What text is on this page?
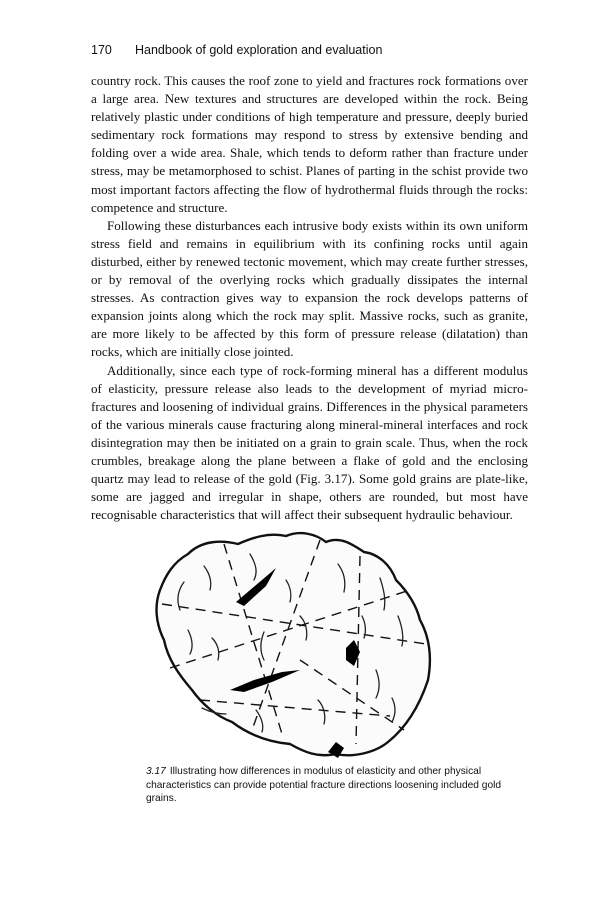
170 Handbook of gold exploration and evaluation

country rock. This causes the roof zone to yield and fractures rock formations over a large area. New textures and structures are developed within the rock. Being relatively plastic under conditions of high temperature and pressure, deeply buried sedimentary rock formations may respond to stress by extensive bending and folding over a wide area. Shale, which tends to deform rather than fracture under stress, may be metamorphosed to schist. Planes of parting in the schist provide two most important factors affecting the flow of hydrothermal fluids through the rocks: competence and structure.

Following these disturbances each intrusive body exists within its own uniform stress field and remains in equilibrium with its confining rocks until again disturbed, either by renewed tectonic movement, which may create further stresses, or by removal of the overlying rocks which gradually dissipates the internal stresses. As contraction gives way to expansion the rock develops patterns of expansion joints along which the rock may split. Massive rocks, such as granite, are more likely to be affected by this form of pressure release (dilatation) than rocks, which are initially close jointed.

Additionally, since each type of rock-forming mineral has a different modulus of elasticity, pressure release also leads to the development of myriad micro-fractures and loosening of individual grains. Differences in the physical parameters of the various minerals cause fracturing along mineral-mineral interfaces and rock disintegration may then be initiated on a grain to grain scale. Thus, when the rock crumbles, breakage along the plane between a flake of gold and the enclosing quartz may lead to release of the gold (Fig. 3.17). Some gold grains are plate-like, some are jagged and irregular in shape, others are rounded, but most have recognisable characteristics that will affect their subsequent hydraulic behaviour.

3.17 Illustrating how differences in modulus of elasticity and other physical characteristics can provide potential fracture directions loosening included gold grains.
